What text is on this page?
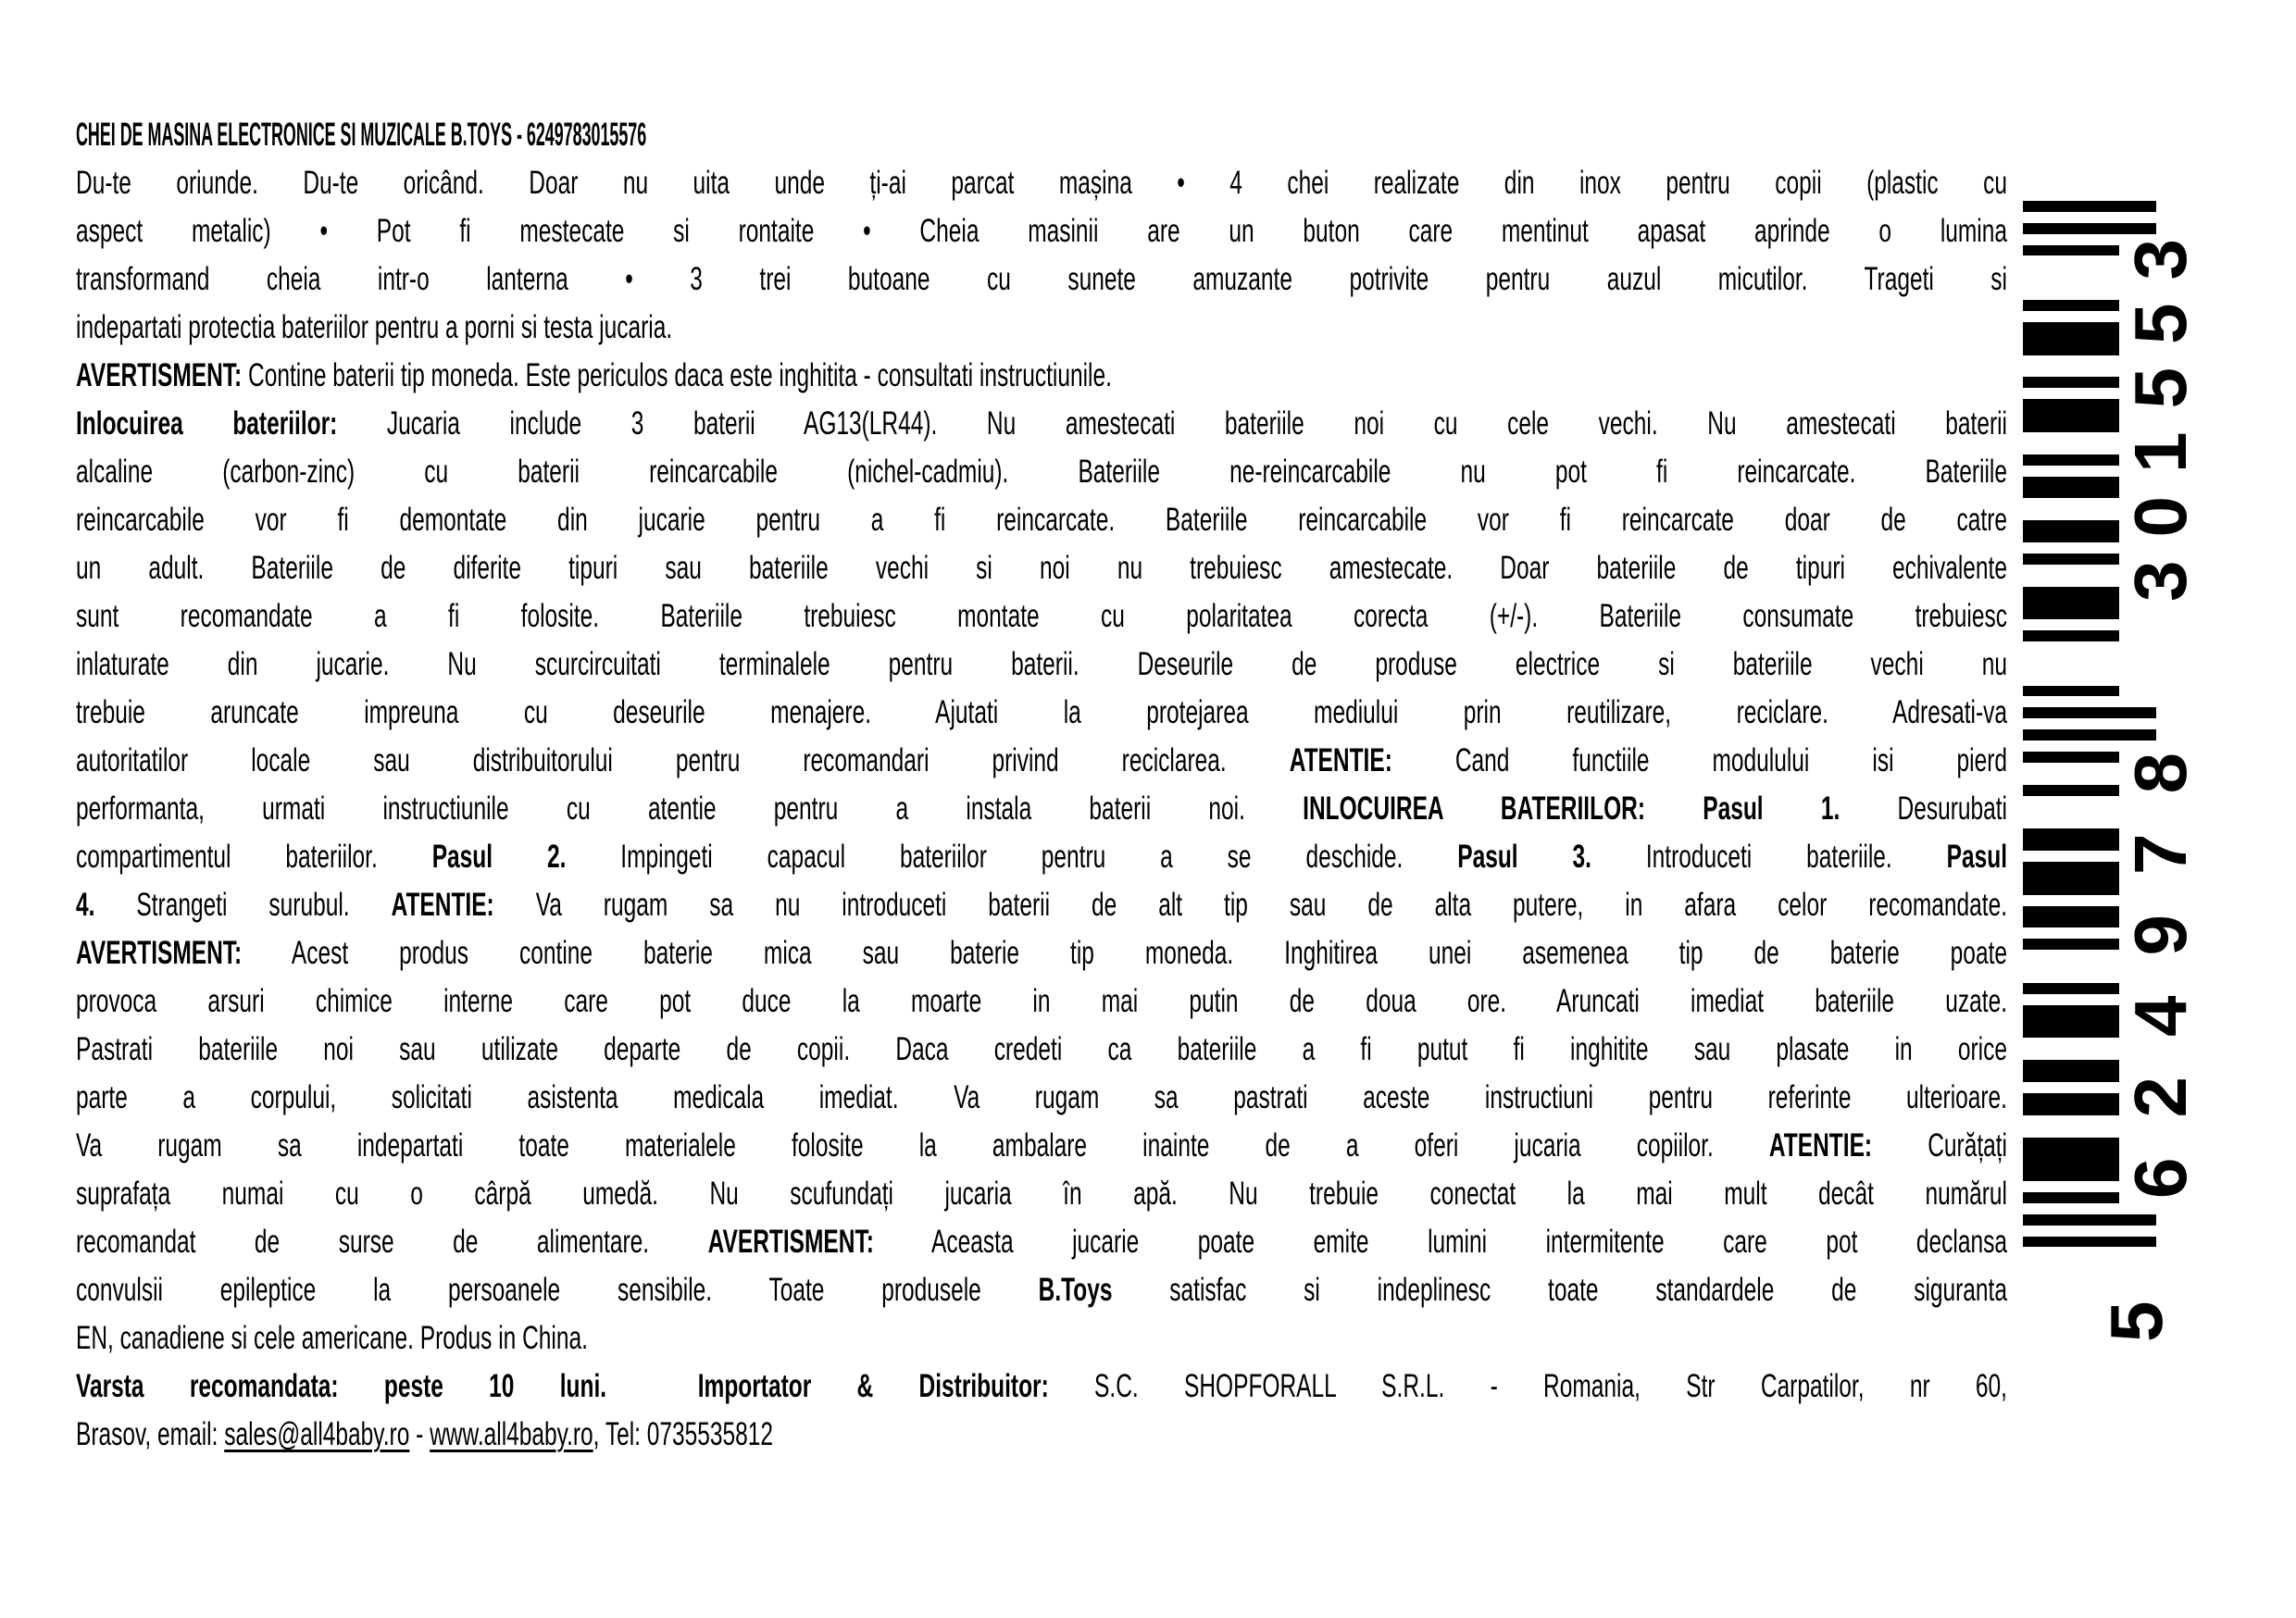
CHEI DE MASINA ELECTRONICE SI MUZICALE B.TOYS - 6249783015576
Du-te oriunde. Du-te oricând. Doar nu uita unde ți-ai parcat mașina • 4 chei realizate din inox pentru copii (plastic cu
aspect metalic) • Pot fi mestecate si rontaite • Cheia masinii are un buton care mentinut apasat aprinde o lumina
transformand cheia intr-o lanterna • 3 trei butoane cu sunete amuzante potrivite pentru auzul micutilor. Trageti si
indepartati protectia bateriilor pentru a porni si testa jucaria.
AVERTISMENT: Contine baterii tip moneda. Este periculos daca este inghitita - consultati instructiunile.
Inlocuirea bateriilor: Jucaria include 3 baterii AG13(LR44). Nu amestecati bateriile noi cu cele vechi. Nu amestecati baterii
alcaline (carbon-zinc) cu baterii reincarcabile (nichel-cadmiu). Bateriile ne-reincarcabile nu pot fi reincarcate. Bateriile
reincarcabile vor fi demontate din jucarie pentru a fi reincarcate. Bateriile reincarcabile vor fi reincarcate doar de catre
un adult. Bateriile de diferite tipuri sau bateriile vechi si noi nu trebuiesc amestecate. Doar bateriile de tipuri echivalente
sunt recomandate a fi folosite. Bateriile trebuiesc montate cu polaritatea corecta (+/-). Bateriile consumate trebuiesc
inlaturate din jucarie. Nu scurcircuitati terminalele pentru baterii. Deseurile de produse electrice si bateriile vechi nu
trebuie aruncate impreuna cu deseurile menajere. Ajutati la protejarea mediului prin reutilizare, reciclare. Adresati-va
autoritatilor locale sau distribuitorului pentru recomandari privind reciclarea. ATENTIE: Cand functiile modulului isi pierd
performanta, urmati instructiunile cu atentie pentru a instala baterii noi. INLOCUIREA BATERIILOR: Pasul 1. Desurubati
compartimentul bateriilor. Pasul 2. Impingeti capacul bateriilor pentru a se deschide. Pasul 3. Introduceti bateriile. Pasul
4. Strangeti surubul. ATENTIE: Va rugam sa nu introduceti baterii de alt tip sau de alta putere, in afara celor recomandate.
AVERTISMENT: Acest produs contine baterie mica sau baterie tip moneda. Inghitirea unei asemenea tip de baterie poate
provoca arsuri chimice interne care pot duce la moarte in mai putin de doua ore. Aruncati imediat bateriile uzate.
Pastrati bateriile noi sau utilizate departe de copii. Daca credeti ca bateriile a fi putut fi inghitite sau plasate in orice
parte a corpului, solicitati asistenta medicala imediat. Va rugam sa pastrati aceste instructiuni pentru referinte ulterioare.
Va rugam sa indepartati toate materialele folosite la ambalare inainte de a oferi jucaria copiilor. ATENTIE: Curățați
suprafața numai cu o cârpă umedă. Nu scufundați jucaria în apă. Nu trebuie conectat la mai mult decât numărul
recomandat de surse de alimentare. AVERTISMENT: Aceasta jucarie poate emite lumini intermitente care pot declansa
convulsii epileptice la persoanele sensibile. Toate produsele B.Toys satisfac si indeplinesc toate standardele de siguranta
EN, canadiene si cele americane. Produs in China.
Varsta recomandata: peste 10 luni.  Importator & Distribuitor: S.C. SHOPFORALL S.R.L. - Romania, Str Carpatilor, nr 60,
Brasov, email: sales@all4baby.ro - www.all4baby.ro, Tel: 0735535812
301553
624978
5
